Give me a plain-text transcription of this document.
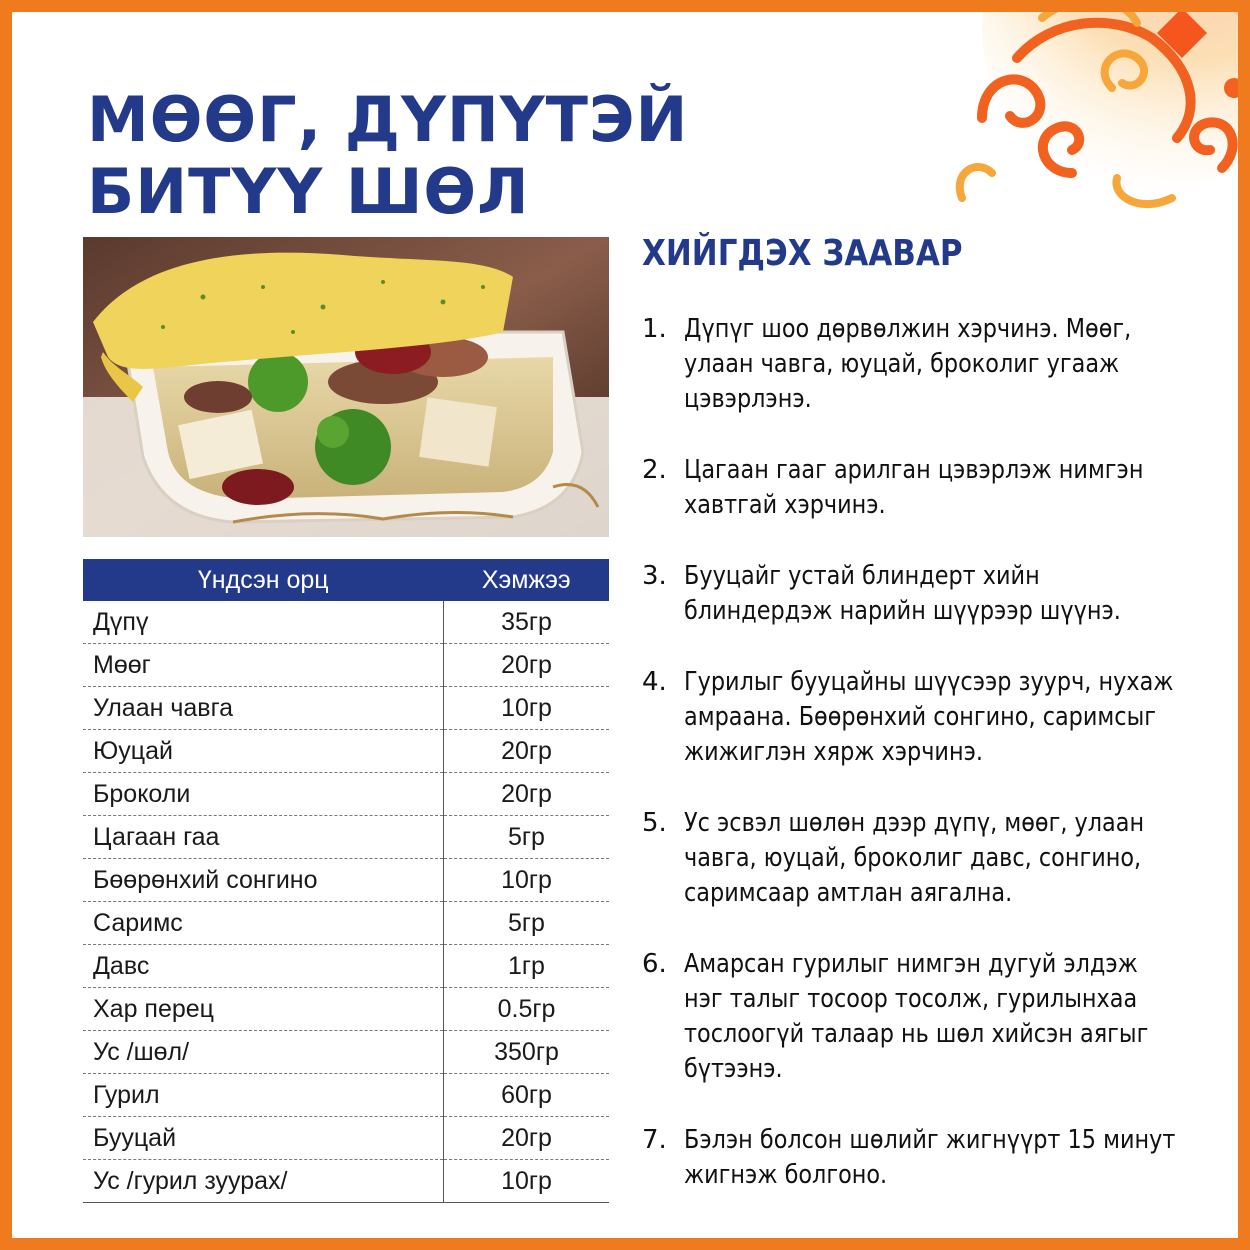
МӨӨГ, ДҮПҮТЭЙ
БИТҮҮ ШӨЛ
Үндсэн орц	Хэмжээ
Дүпү	35гр
Мөөг	20гр
Улаан чавга	10гр
Юуцай	20гр
Броколи	20гр
Цагаан гаа	5гр
Бөөрөнхий сонгино	10гр
Саримс	5гр
Давс	1гр
Хар перец	0.5гр
Ус /шөл/	350гр
Гурил	60гр
Бууцай	20гр
Ус /гурил зуурах/	10гр
ХИЙГДЭХ ЗААВАР
1. Дүпүг шоо дөрвөлжин хэрчинэ. Мөөг,
улаан чавга, юуцай, броколиг угааж
цэвэрлэнэ.
2. Цагаан гааг арилган цэвэрлэж нимгэн
хавтгай хэрчинэ.
3. Бууцайг устай блиндерт хийн
блиндердэж нарийн шүүрээр шүүнэ.
4. Гурилыг бууцайны шүүсээр зуурч, нухаж
амраана. Бөөрөнхий сонгино, саримсыг
жижиглэн хярж хэрчинэ.
5. Ус эсвэл шөлөн дээр дүпү, мөөг, улаан
чавга, юуцай, броколиг давс, сонгино,
саримсаар амтлан аягална.
6. Амарсан гурилыг нимгэн дугуй элдэж
нэг талыг тосоор тосолж, гурилынхаа
тослоогүй талаар нь шөл хийсэн аягыг
бүтээнэ.
7. Бэлэн болсон шөлийг жигнүүрт 15 минут
жигнэж болгоно.
